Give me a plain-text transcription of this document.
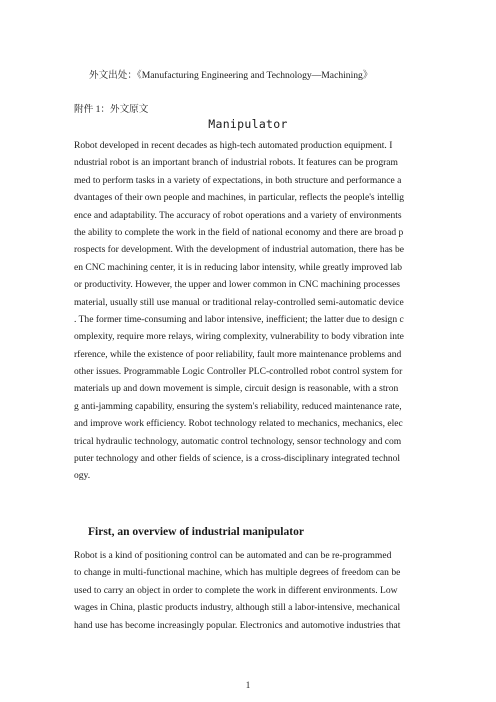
外文出处：《Manufacturing Engineering and Technology—Machining》
附件 1：外文原文
Manipulator
Robot developed in recent decades as high-tech automated production equipment. I
ndustrial robot is an important branch of industrial robots. It features can be program
med to perform tasks in a variety of expectations, in both structure and performance a
dvantages of their own people and machines, in particular, reflects the people's intellig
ence and adaptability. The accuracy of robot operations and a variety of environments
the ability to complete the work in the field of national economy and there are broad p
rospects for development. With the development of industrial automation, there has be
en CNC machining center, it is in reducing labor intensity, while greatly improved lab
or productivity. However, the upper and lower common in CNC machining processes
material, usually still use manual or traditional relay-controlled semi-automatic device
. The former time-consuming and labor intensive, inefficient; the latter due to design c
omplexity, require more relays, wiring complexity, vulnerability to body vibration inte
rference, while the existence of poor reliability, fault more maintenance problems and
other issues. Programmable Logic Controller PLC-controlled robot control system for
materials up and down movement is simple, circuit design is reasonable, with a stron
g anti-jamming capability, ensuring the system's reliability, reduced maintenance rate,
and improve work efficiency. Robot technology related to mechanics, mechanics, elec
trical hydraulic technology, automatic control technology, sensor technology and com
puter technology and other fields of science, is a cross-disciplinary integrated technol
ogy.
First, an overview of industrial manipulator
Robot is a kind of positioning control can be automated and can be re-programmed
to change in multi-functional machine, which has multiple degrees of freedom can be
used to carry an object in order to complete the work in different environments. Low
wages in China, plastic products industry, although still a labor-intensive, mechanical
hand use has become increasingly popular. Electronics and automotive industries that
1
